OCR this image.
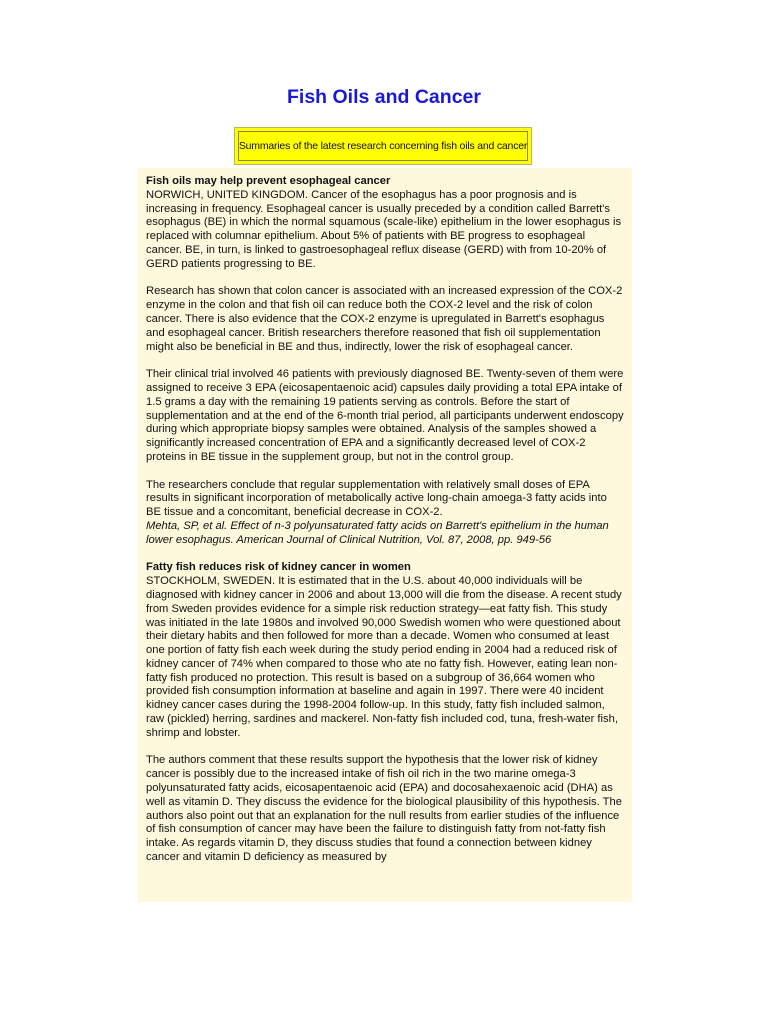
Fish Oils and Cancer
Summaries of the latest research concerning fish oils and cancer

Fish oils may help prevent esophageal cancer
NORWICH, UNITED KINGDOM. Cancer of the esophagus has a poor prognosis and is increasing in frequency. Esophageal cancer is usually preceded by a condition called Barrett's esophagus (BE) in which the normal squamous (scale-like) epithelium in the lower esophagus is replaced with columnar epithelium. About 5% of patients with BE progress to esophageal cancer. BE, in turn, is linked to gastroesophageal reflux disease (GERD) with from 10-20% of GERD patients progressing to BE.

Research has shown that colon cancer is associated with an increased expression of the COX-2 enzyme in the colon and that fish oil can reduce both the COX-2 level and the risk of colon cancer. There is also evidence that the COX-2 enzyme is upregulated in Barrett's esophagus and esophageal cancer. British researchers therefore reasoned that fish oil supplementation might also be beneficial in BE and thus, indirectly, lower the risk of esophageal cancer.

Their clinical trial involved 46 patients with previously diagnosed BE. Twenty-seven of them were assigned to receive 3 EPA (eicosapentaenoic acid) capsules daily providing a total EPA intake of 1.5 grams a day with the remaining 19 patients serving as controls. Before the start of supplementation and at the end of the 6-month trial period, all participants underwent endoscopy during which appropriate biopsy samples were obtained. Analysis of the samples showed a significantly increased concentration of EPA and a significantly decreased level of COX-2 proteins in BE tissue in the supplement group, but not in the control group.

The researchers conclude that regular supplementation with relatively small doses of EPA results in significant incorporation of metabolically active long-chain amoega-3 fatty acids into BE tissue and a concomitant, beneficial decrease in COX-2.
Mehta, SP, et al. Effect of n-3 polyunsaturated fatty acids on Barrett's epithelium in the human lower esophagus. American Journal of Clinical Nutrition, Vol. 87, 2008, pp. 949-56

Fatty fish reduces risk of kidney cancer in women
STOCKHOLM, SWEDEN. It is estimated that in the U.S. about 40,000 individuals will be diagnosed with kidney cancer in 2006 and about 13,000 will die from the disease. A recent study from Sweden provides evidence for a simple risk reduction strategy—eat fatty fish. This study was initiated in the late 1980s and involved 90,000 Swedish women who were questioned about their dietary habits and then followed for more than a decade. Women who consumed at least one portion of fatty fish each week during the study period ending in 2004 had a reduced risk of kidney cancer of 74% when compared to those who ate no fatty fish. However, eating lean non-fatty fish produced no protection. This result is based on a subgroup of 36,664 women who provided fish consumption information at baseline and again in 1997. There were 40 incident kidney cancer cases during the 1998-2004 follow-up. In this study, fatty fish included salmon, raw (pickled) herring, sardines and mackerel. Non-fatty fish included cod, tuna, fresh-water fish, shrimp and lobster.

The authors comment that these results support the hypothesis that the lower risk of kidney cancer is possibly due to the increased intake of fish oil rich in the two marine omega-3 polyunsaturated fatty acids, eicosapentaenoic acid (EPA) and docosahexaenoic acid (DHA) as well as vitamin D. They discuss the evidence for the biological plausibility of this hypothesis. The authors also point out that an explanation for the null results from earlier studies of the influence of fish consumption of cancer may have been the failure to distinguish fatty from not-fatty fish intake. As regards vitamin D, they discuss studies that found a connection between kidney cancer and vitamin D deficiency as measured by
